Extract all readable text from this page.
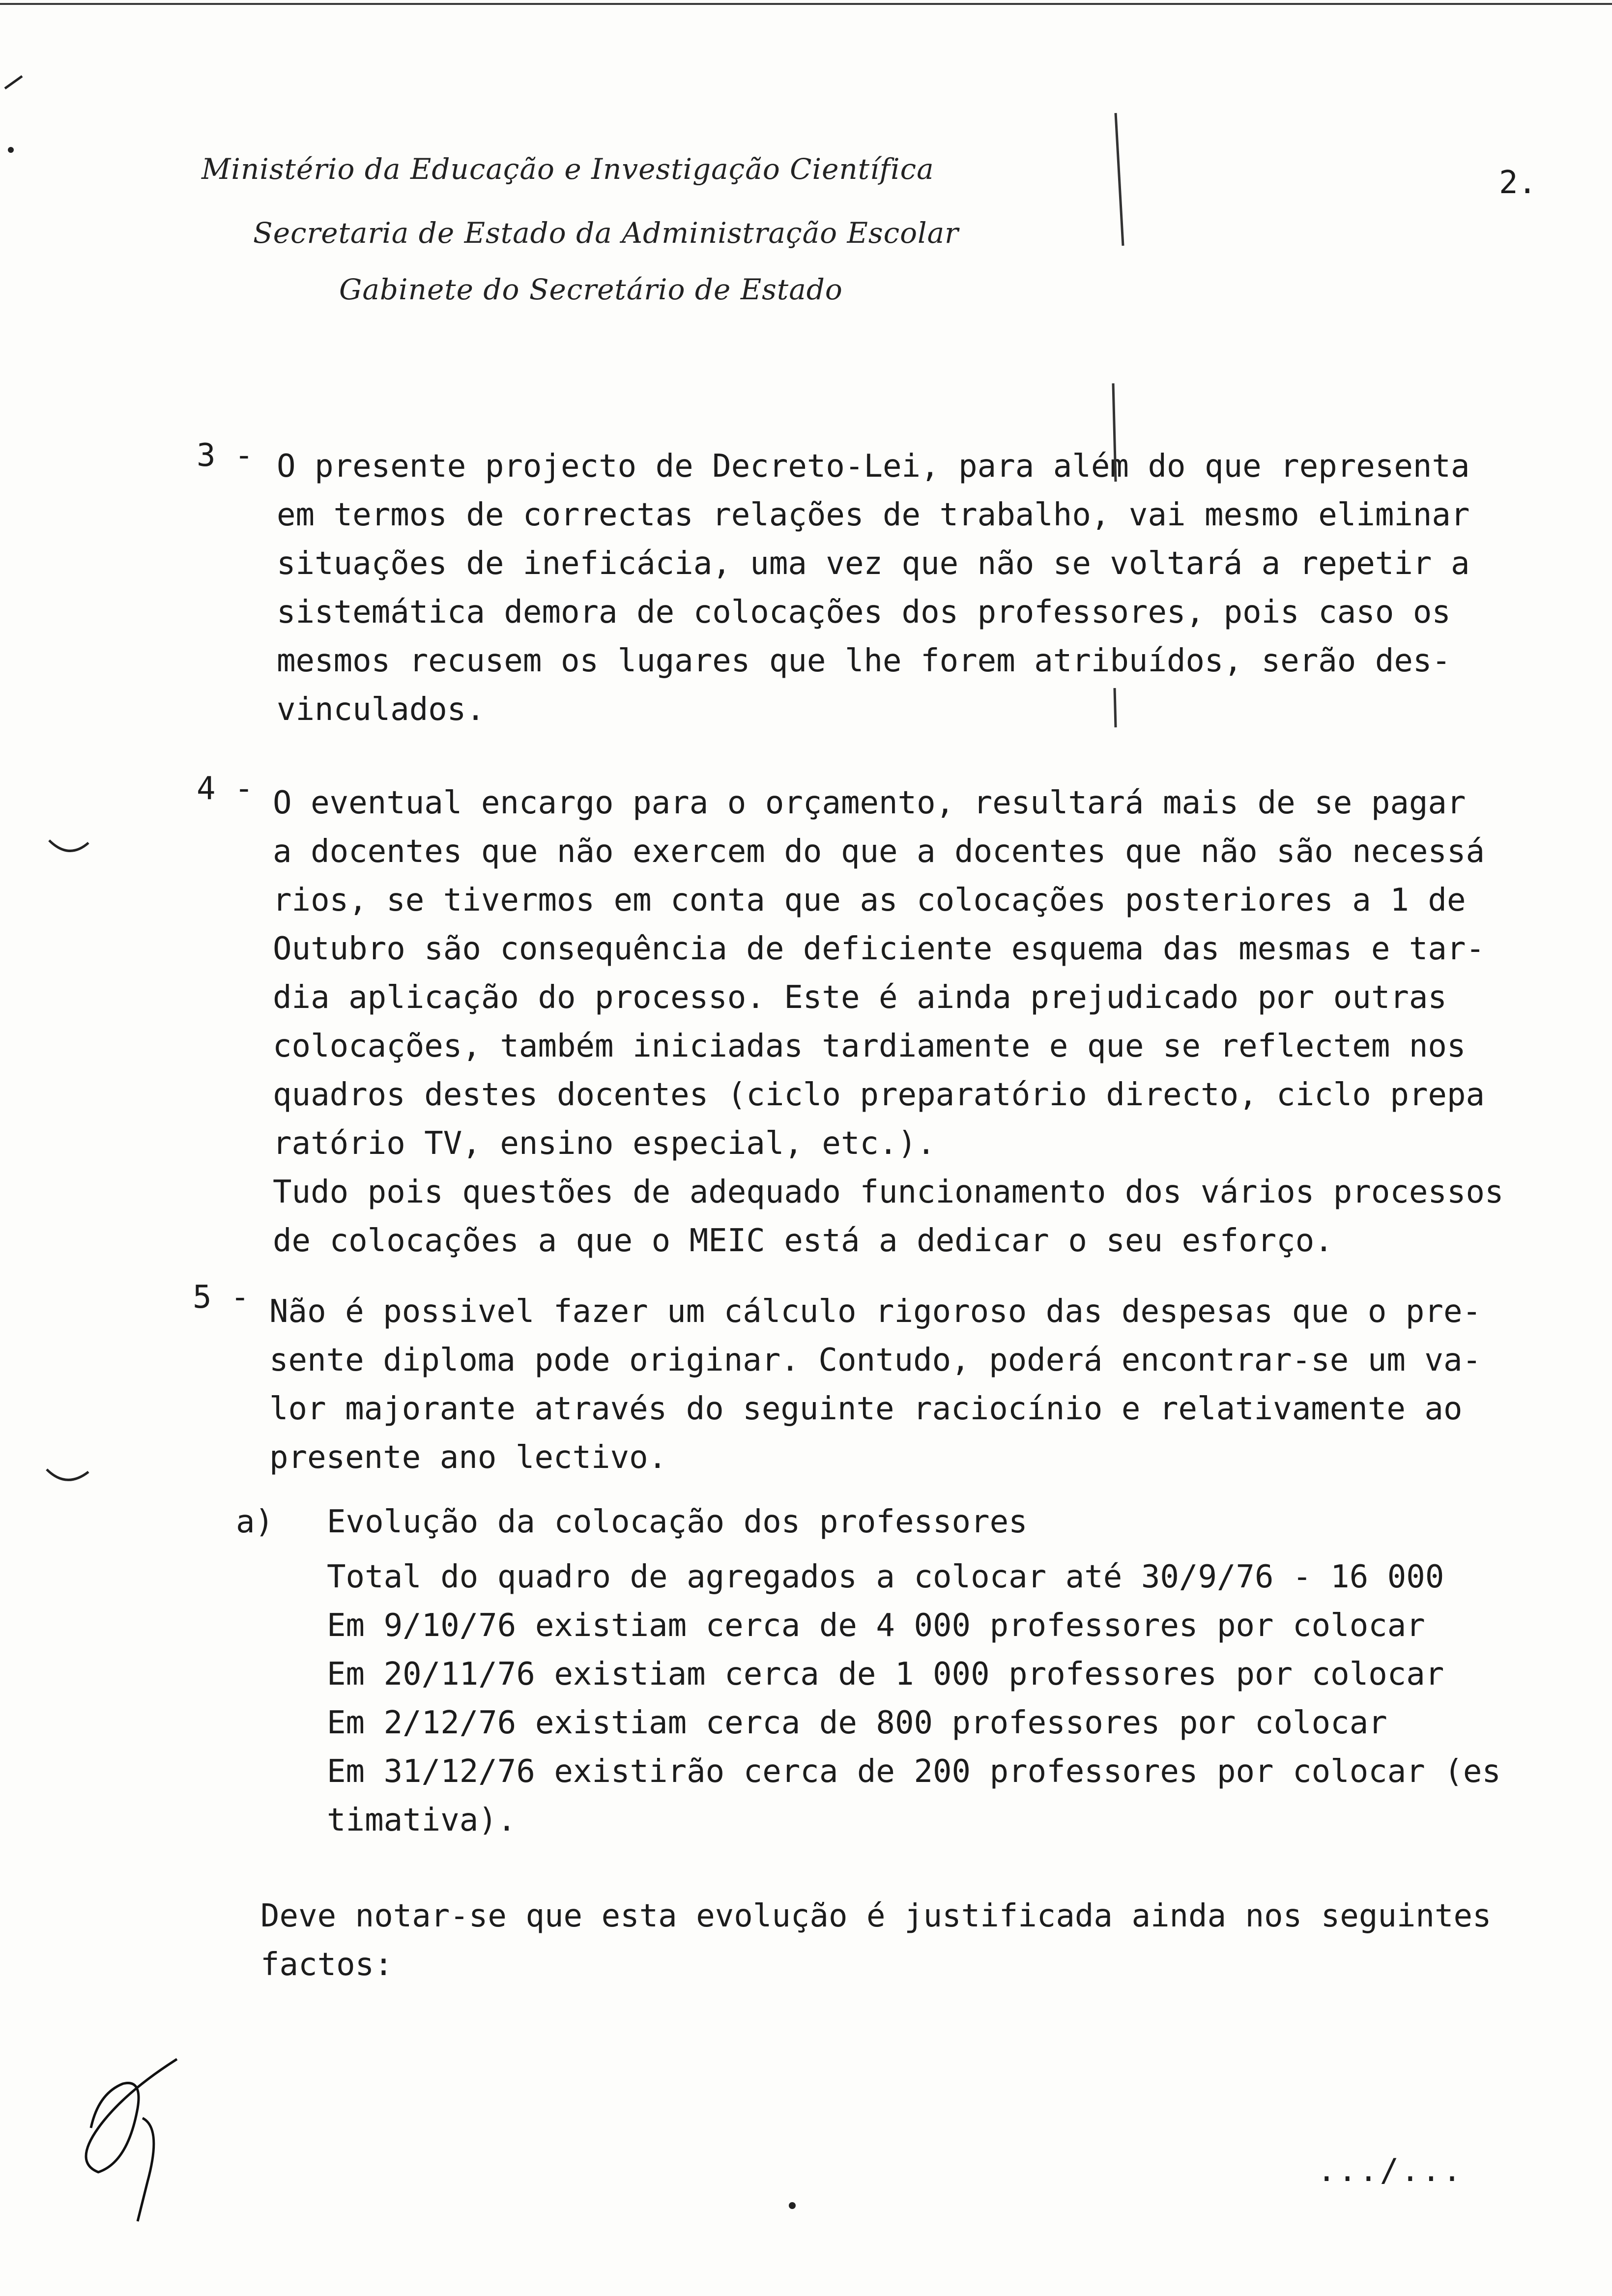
Ministério da Educação e Investigação Científica
Secretaria de Estado da Administração Escolar
Gabinete do Secretário de Estado
2.
3 - O presente projecto de Decreto-Lei, para além do que representa
em termos de correctas relações de trabalho, vai mesmo eliminar
situações de ineficácia, uma vez que não se voltará a repetir a
sistemática demora de colocações dos professores, pois caso os
mesmos recusem os lugares que lhe forem atribuídos, serão des-
vinculados.
4 - O eventual encargo para o orçamento, resultará mais de se pagar
a docentes que não exercem do que a docentes que não são necessá
rios, se tivermos em conta que as colocações posteriores a 1 de
Outubro são consequência de deficiente esquema das mesmas e tar-
dia aplicação do processo. Este é ainda prejudicado por outras
colocações, também iniciadas tardiamente e que se reflectem nos
quadros destes docentes (ciclo preparatório directo, ciclo prepa
ratório TV, ensino especial, etc.).
Tudo pois questões de adequado funcionamento dos vários processos
de colocações a que o MEIC está a dedicar o seu esforço.
5 - Não é possivel fazer um cálculo rigoroso das despesas que o pre-
sente diploma pode originar. Contudo, poderá encontrar-se um va-
lor majorante através do seguinte raciocínio e relativamente ao
presente ano lectivo.
a) Evolução da colocação dos professores
Total do quadro de agregados a colocar até 30/9/76 - 16 000
Em 9/10/76 existiam cerca de 4 000 professores por colocar
Em 20/11/76 existiam cerca de 1 000 professores por colocar
Em 2/12/76 existiam cerca de 800 professores por colocar
Em 31/12/76 existirão cerca de 200 professores por colocar (es
timativa).
Deve notar-se que esta evolução é justificada ainda nos seguintes
factos:
.../...
